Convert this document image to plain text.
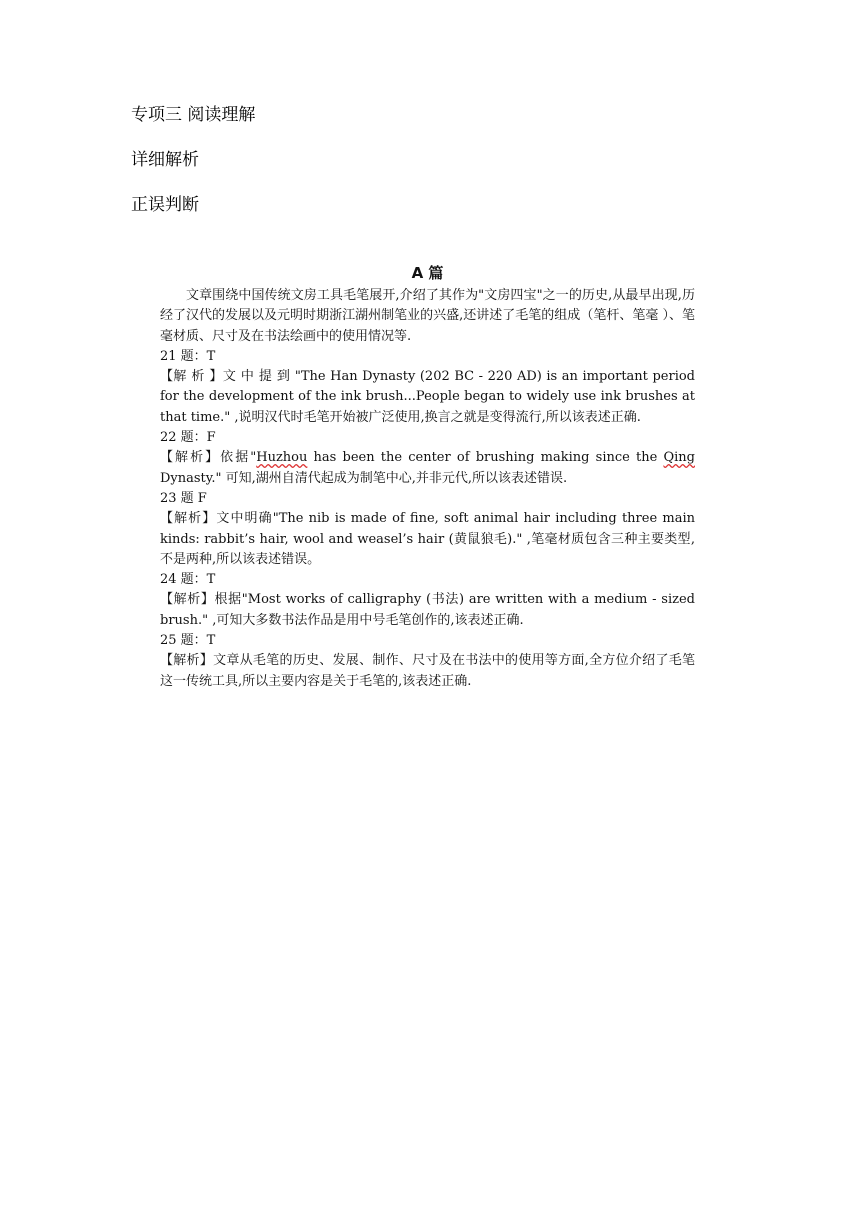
专项三 阅读理解
详细解析
正误判断
A 篇

文章围绕中国传统文房工具毛笔展开,介绍了其作为"文房四宝"之一的历史,从最早出现,历经了汉代的发展以及元明时期浙江湖州制笔业的兴盛,还讲述了毛笔的组成（笔杆、笔毫 ）、笔毫材质、尺寸及在书法绘画中的使用情况等.

21 题：T

【解 析 】文 中 提 到 "The Han Dynasty (202 BC - 220 AD) is an important period for the development of the ink brush...People began to widely use ink brushes at that time." ,说明汉代时毛笔开始被广泛使用,换言之就是变得流行,所以该表述正确.

22 题：F

【解析】依据"Huzhou has been the center of brushing making since the Qing Dynasty." 可知,湖州自清代起成为制笔中心,并非元代,所以该表述错误.

23 题 F

【解析】文中明确"The nib is made of fine, soft animal hair including three main kinds: rabbit’s hair, wool and weasel’s hair (黄鼠狼毛)." ,笔毫材质包含三种主要类型,不是两种,所以该表述错误。

24 题：T

【解析】根据"Most works of calligraphy (书法) are written with a medium - sized brush." ,可知大多数书法作品是用中号毛笔创作的,该表述正确.

25 题：T

【解析】文章从毛笔的历史、发展、制作、尺寸及在书法中的使用等方面,全方位介绍了毛笔这一传统工具,所以主要内容是关于毛笔的,该表述正确.
